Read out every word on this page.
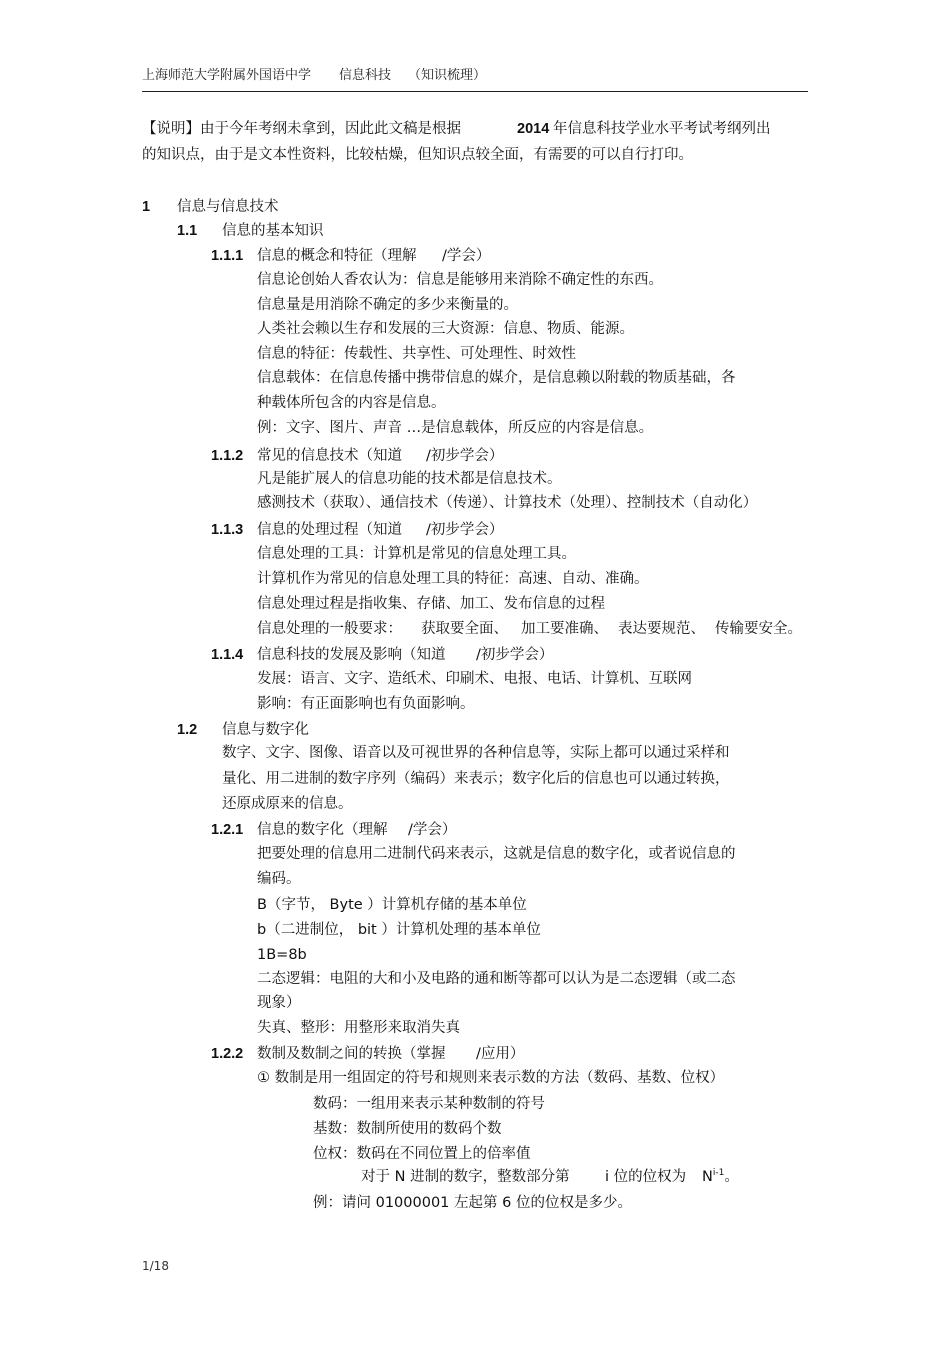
上海师范大学附属外国语中学 信息科技 （知识梳理）
【说明】由于今年考纲未拿到，因此此文稿是根据	2014 年信息科技学业水平考试考纲列出
的知识点，由于是文本性资料，比较枯燥，但知识点较全面，有需要的可以自行打印。
1 信息与信息技术
1.1 信息的基本知识
1.1.1 信息的概念和特征（理解 /学会）
信息论创始人香农认为：信息是能够用来消除不确定性的东西。
信息量是用消除不确定的多少来衡量的。
人类社会赖以生存和发展的三大资源：信息、物质、能源。
信息的特征：传载性、共享性、可处理性、时效性
信息载体：在信息传播中携带信息的媒介，是信息赖以附载的物质基础，各
种载体所包含的内容是信息。
例：文字、图片、声音 …是信息载体，所反应的内容是信息。
1.1.2 常见的信息技术（知道 /初步学会）
凡是能扩展人的信息功能的技术都是信息技术。
感测技术（获取）、通信技术（传递）、计算技术（处理）、控制技术（自动化）
1.1.3 信息的处理过程（知道 /初步学会）
信息处理的工具：计算机是常见的信息处理工具。
计算机作为常见的信息处理工具的特征：高速、自动、准确。
信息处理过程是指收集、存储、加工、发布信息的过程
信息处理的一般要求： 获取要全面、 加工要准确、 表达要规范、 传输要安全。
1.1.4 信息科技的发展及影响（知道 /初步学会）
发展：语言、文字、造纸术、印刷术、电报、电话、计算机、互联网
影响：有正面影响也有负面影响。
1.2 信息与数字化
数字、文字、图像、语音以及可视世界的各种信息等，实际上都可以通过采样和
量化、用二进制的数字序列（编码）来表示；数字化后的信息也可以通过转换，
还原成原来的信息。
1.2.1 信息的数字化（理解 /学会）
把要处理的信息用二进制代码来表示，这就是信息的数字化，或者说信息的
编码。
B（字节， Byte ）计算机存储的基本单位
b（二进制位， bit ）计算机处理的基本单位
1B=8b
二态逻辑：电阻的大和小及电路的通和断等都可以认为是二态逻辑（或二态
现象）
失真、整形：用整形来取消失真
1.2.2 数制及数制之间的转换（掌握 /应用）
① 数制是用一组固定的符号和规则来表示数的方法（数码、基数、位权）
数码：一组用来表示某种数制的符号
基数：数制所使用的数码个数
位权：数码在不同位置上的倍率值
对于 N 进制的数字，整数部分第 i 位的位权为 $N^{i-1}$。
例：请问 01000001 左起第 6 位的位权是多少。
1/18
